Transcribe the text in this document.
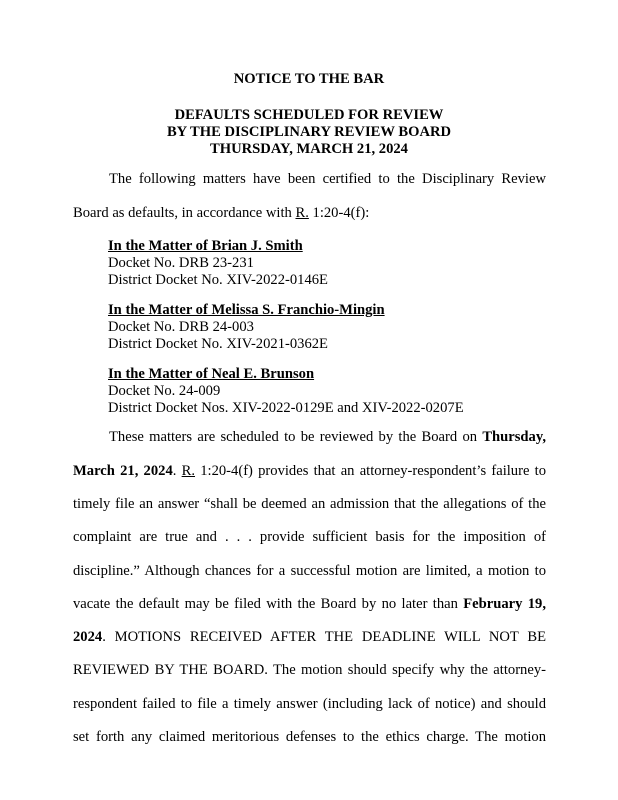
NOTICE TO THE BAR
DEFAULTS SCHEDULED FOR REVIEW
BY THE DISCIPLINARY REVIEW BOARD
THURSDAY, MARCH 21, 2024
The following matters have been certified to the Disciplinary Review
Board as defaults, in accordance with R. 1:20-4(f):
In the Matter of Brian J. Smith
Docket No. DRB 23-231
District Docket No. XIV-2022-0146E
In the Matter of Melissa S. Franchio-Mingin
Docket No. DRB 24-003
District Docket No. XIV-2021-0362E
In the Matter of Neal E. Brunson
Docket No. 24-009
District Docket Nos. XIV-2022-0129E and XIV-2022-0207E
These matters are scheduled to be reviewed by the Board on Thursday,
March 21, 2024. R. 1:20-4(f) provides that an attorney-respondent’s failure to
timely file an answer “shall be deemed an admission that the allegations of the
complaint are true and . . . provide sufficient basis for the imposition of
discipline.” Although chances for a successful motion are limited, a motion to
vacate the default may be filed with the Board by no later than February 19,
2024. MOTIONS RECEIVED AFTER THE DEADLINE WILL NOT BE
REVIEWED BY THE BOARD. The motion should specify why the attorney-
respondent failed to file a timely answer (including lack of notice) and should
set forth any claimed meritorious defenses to the ethics charge. The motion
